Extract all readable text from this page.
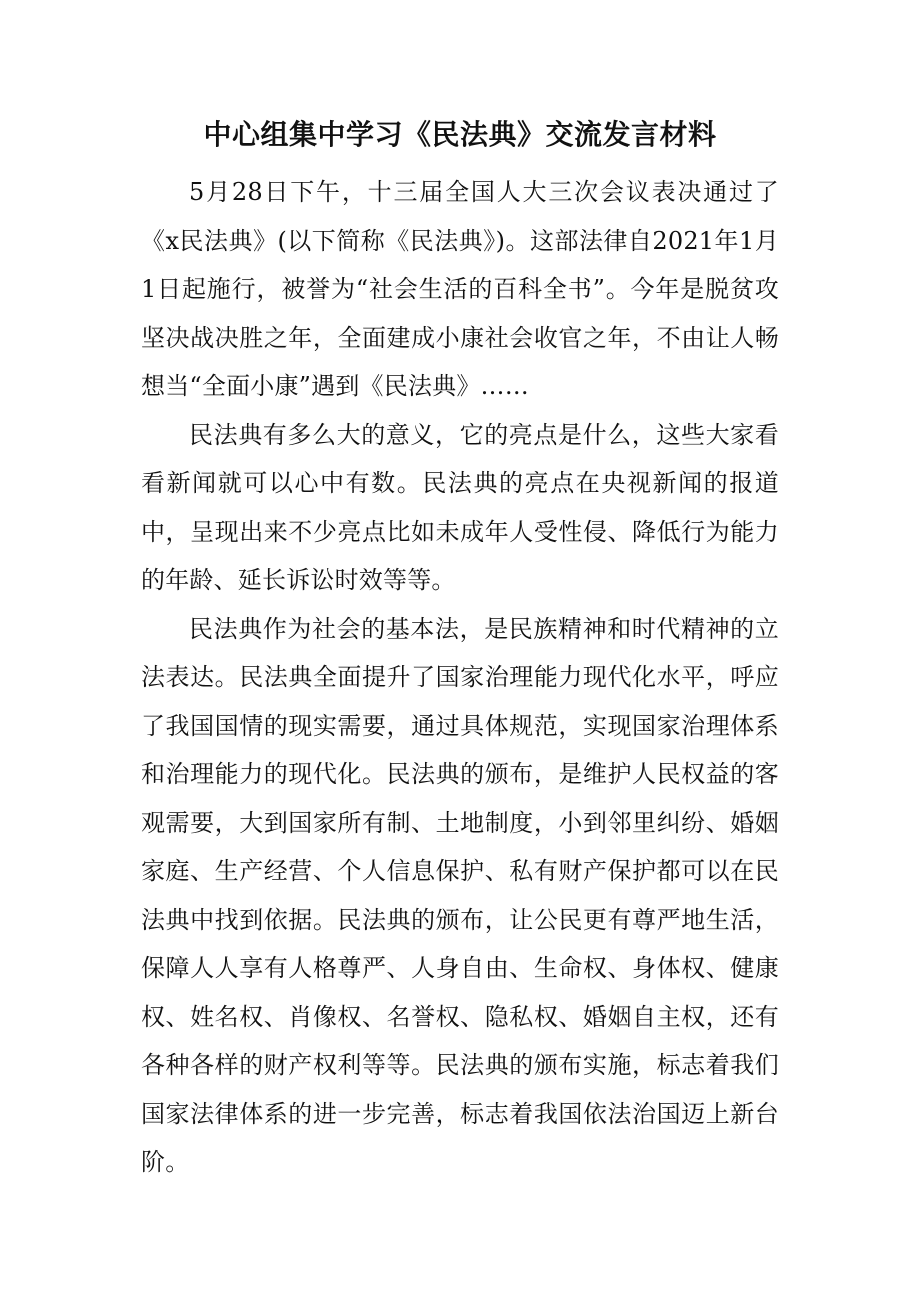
中心组集中学习《民法典》交流发言材料

5月28日下午，十三届全国人大三次会议表决通过了《x民法典》(以下简称《民法典》)。这部法律自2021年1月1日起施行，被誉为“社会生活的百科全书”。今年是脱贫攻坚决战决胜之年，全面建成小康社会收官之年，不由让人畅想当“全面小康”遇到《民法典》……

民法典有多么大的意义，它的亮点是什么，这些大家看看新闻就可以心中有数。民法典的亮点在央视新闻的报道中，呈现出来不少亮点比如未成年人受性侵、降低行为能力的年龄、延长诉讼时效等等。

民法典作为社会的基本法，是民族精神和时代精神的立法表达。民法典全面提升了国家治理能力现代化水平，呼应了我国国情的现实需要，通过具体规范，实现国家治理体系和治理能力的现代化。民法典的颁布，是维护人民权益的客观需要，大到国家所有制、土地制度，小到邻里纠纷、婚姻家庭、生产经营、个人信息保护、私有财产保护都可以在民法典中找到依据。民法典的颁布，让公民更有尊严地生活，保障人人享有人格尊严、人身自由、生命权、身体权、健康权、姓名权、肖像权、名誉权、隐私权、婚姻自主权，还有各种各样的财产权利等等。民法典的颁布实施，标志着我们国家法律体系的进一步完善，标志着我国依法治国迈上新台阶。
